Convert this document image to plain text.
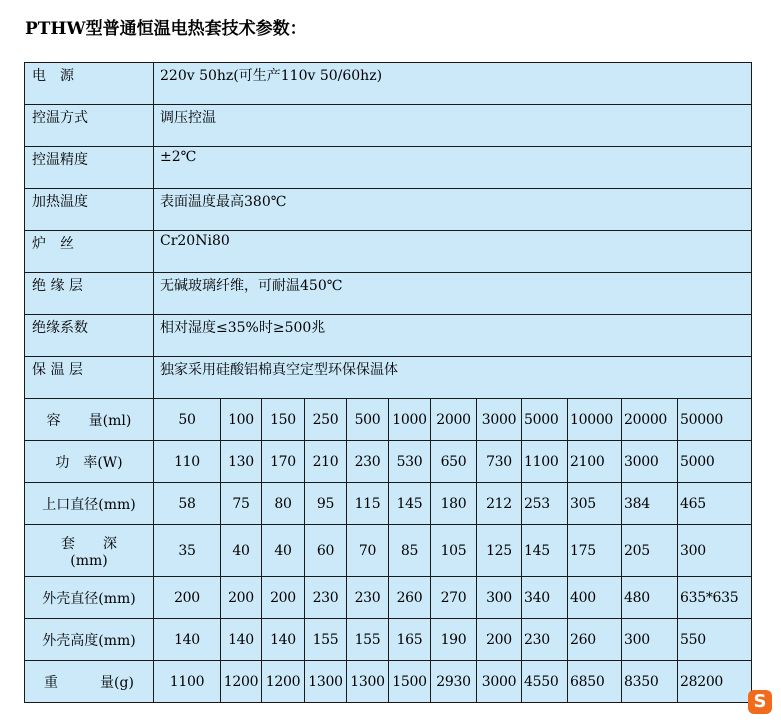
PTHW型普通恒温电热套技术参数：
电　源	220v 50hz(可生产110v 50/60hz)											
控温方式	调压控温											
控温精度	±2℃											
加热温度	表面温度最高380℃											
炉　丝	Cr20Ni80											
绝 缘 层	无碱玻璃纤维，可耐温450℃											
绝缘系数	相对湿度≤35%时≥500兆											
保 温 层	独家采用硅酸铝棉真空定型环保保温体											
容　　量(ml)	50	100	150	250	500	1000	2000	3000	5000	10000	20000	50000
功　率(W)	110	130	170	210	230	530	650	730	1100	2100	3000	5000
上口直径(mm)	58	75	80	95	115	145	180	212	253	305	384	465

套　　深
(mm)	35	40	40	60	70	85	105	125	145	175	205	300
外壳直径(mm)	200	200	200	230	230	260	270	300	340	400	480	635*635
外壳高度(mm)	140	140	140	155	155	165	190	200	230	260	300	550
重　　　量(g)	1100	1200	1200	1300	1300	1500	2930	3000	4550	6850	8350	28200
S
